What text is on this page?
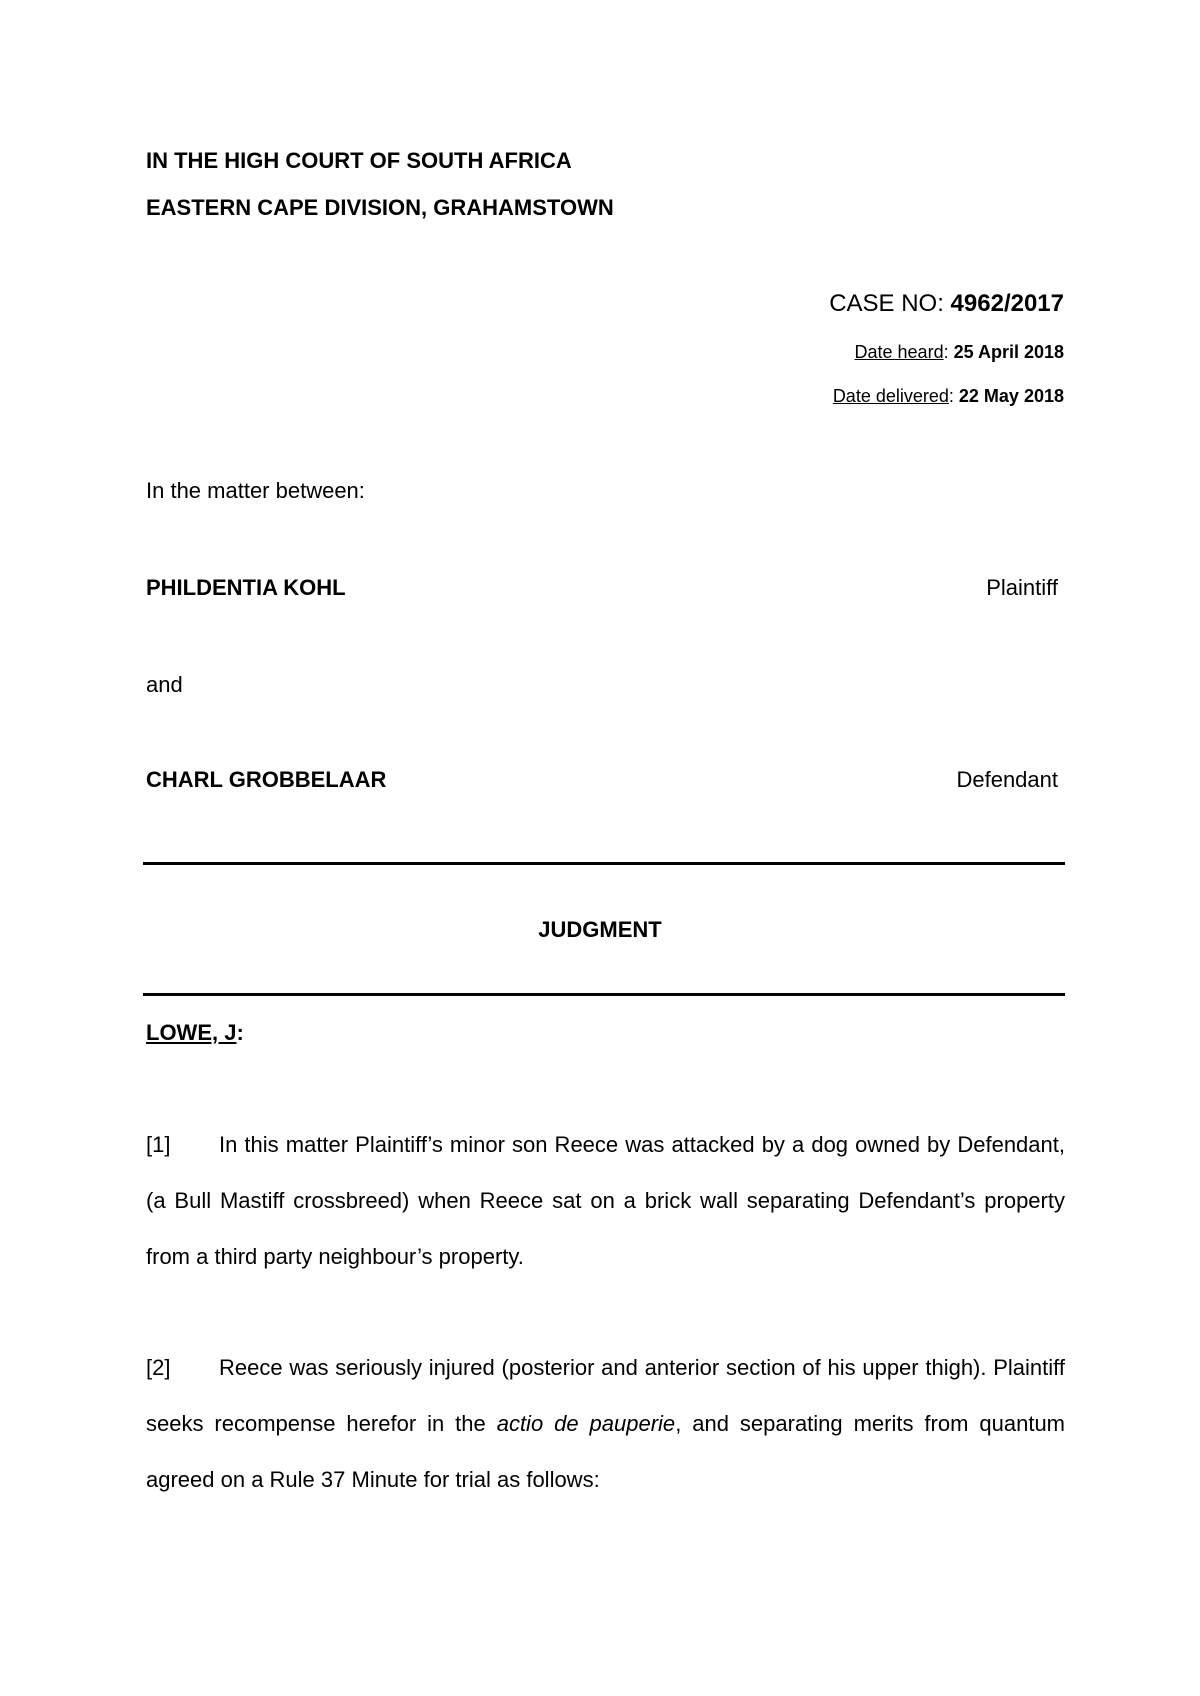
IN THE HIGH COURT OF SOUTH AFRICA
EASTERN CAPE DIVISION, GRAHAMSTOWN
CASE NO: 4962/2017
Date heard: 25 April 2018
Date delivered: 22 May 2018
In the matter between:
PHILDENTIA KOHL	Plaintiff
and
CHARL GROBBELAAR	Defendant
JUDGMENT
LOWE, J:
[1] In this matter Plaintiff’s minor son Reece was attacked by a dog owned by Defendant, (a Bull Mastiff crossbreed) when Reece sat on a brick wall separating Defendant’s property from a third party neighbour’s property.
[2] Reece was seriously injured (posterior and anterior section of his upper thigh). Plaintiff seeks recompense herefor in the actio de pauperie, and separating merits from quantum agreed on a Rule 37 Minute for trial as follows:
